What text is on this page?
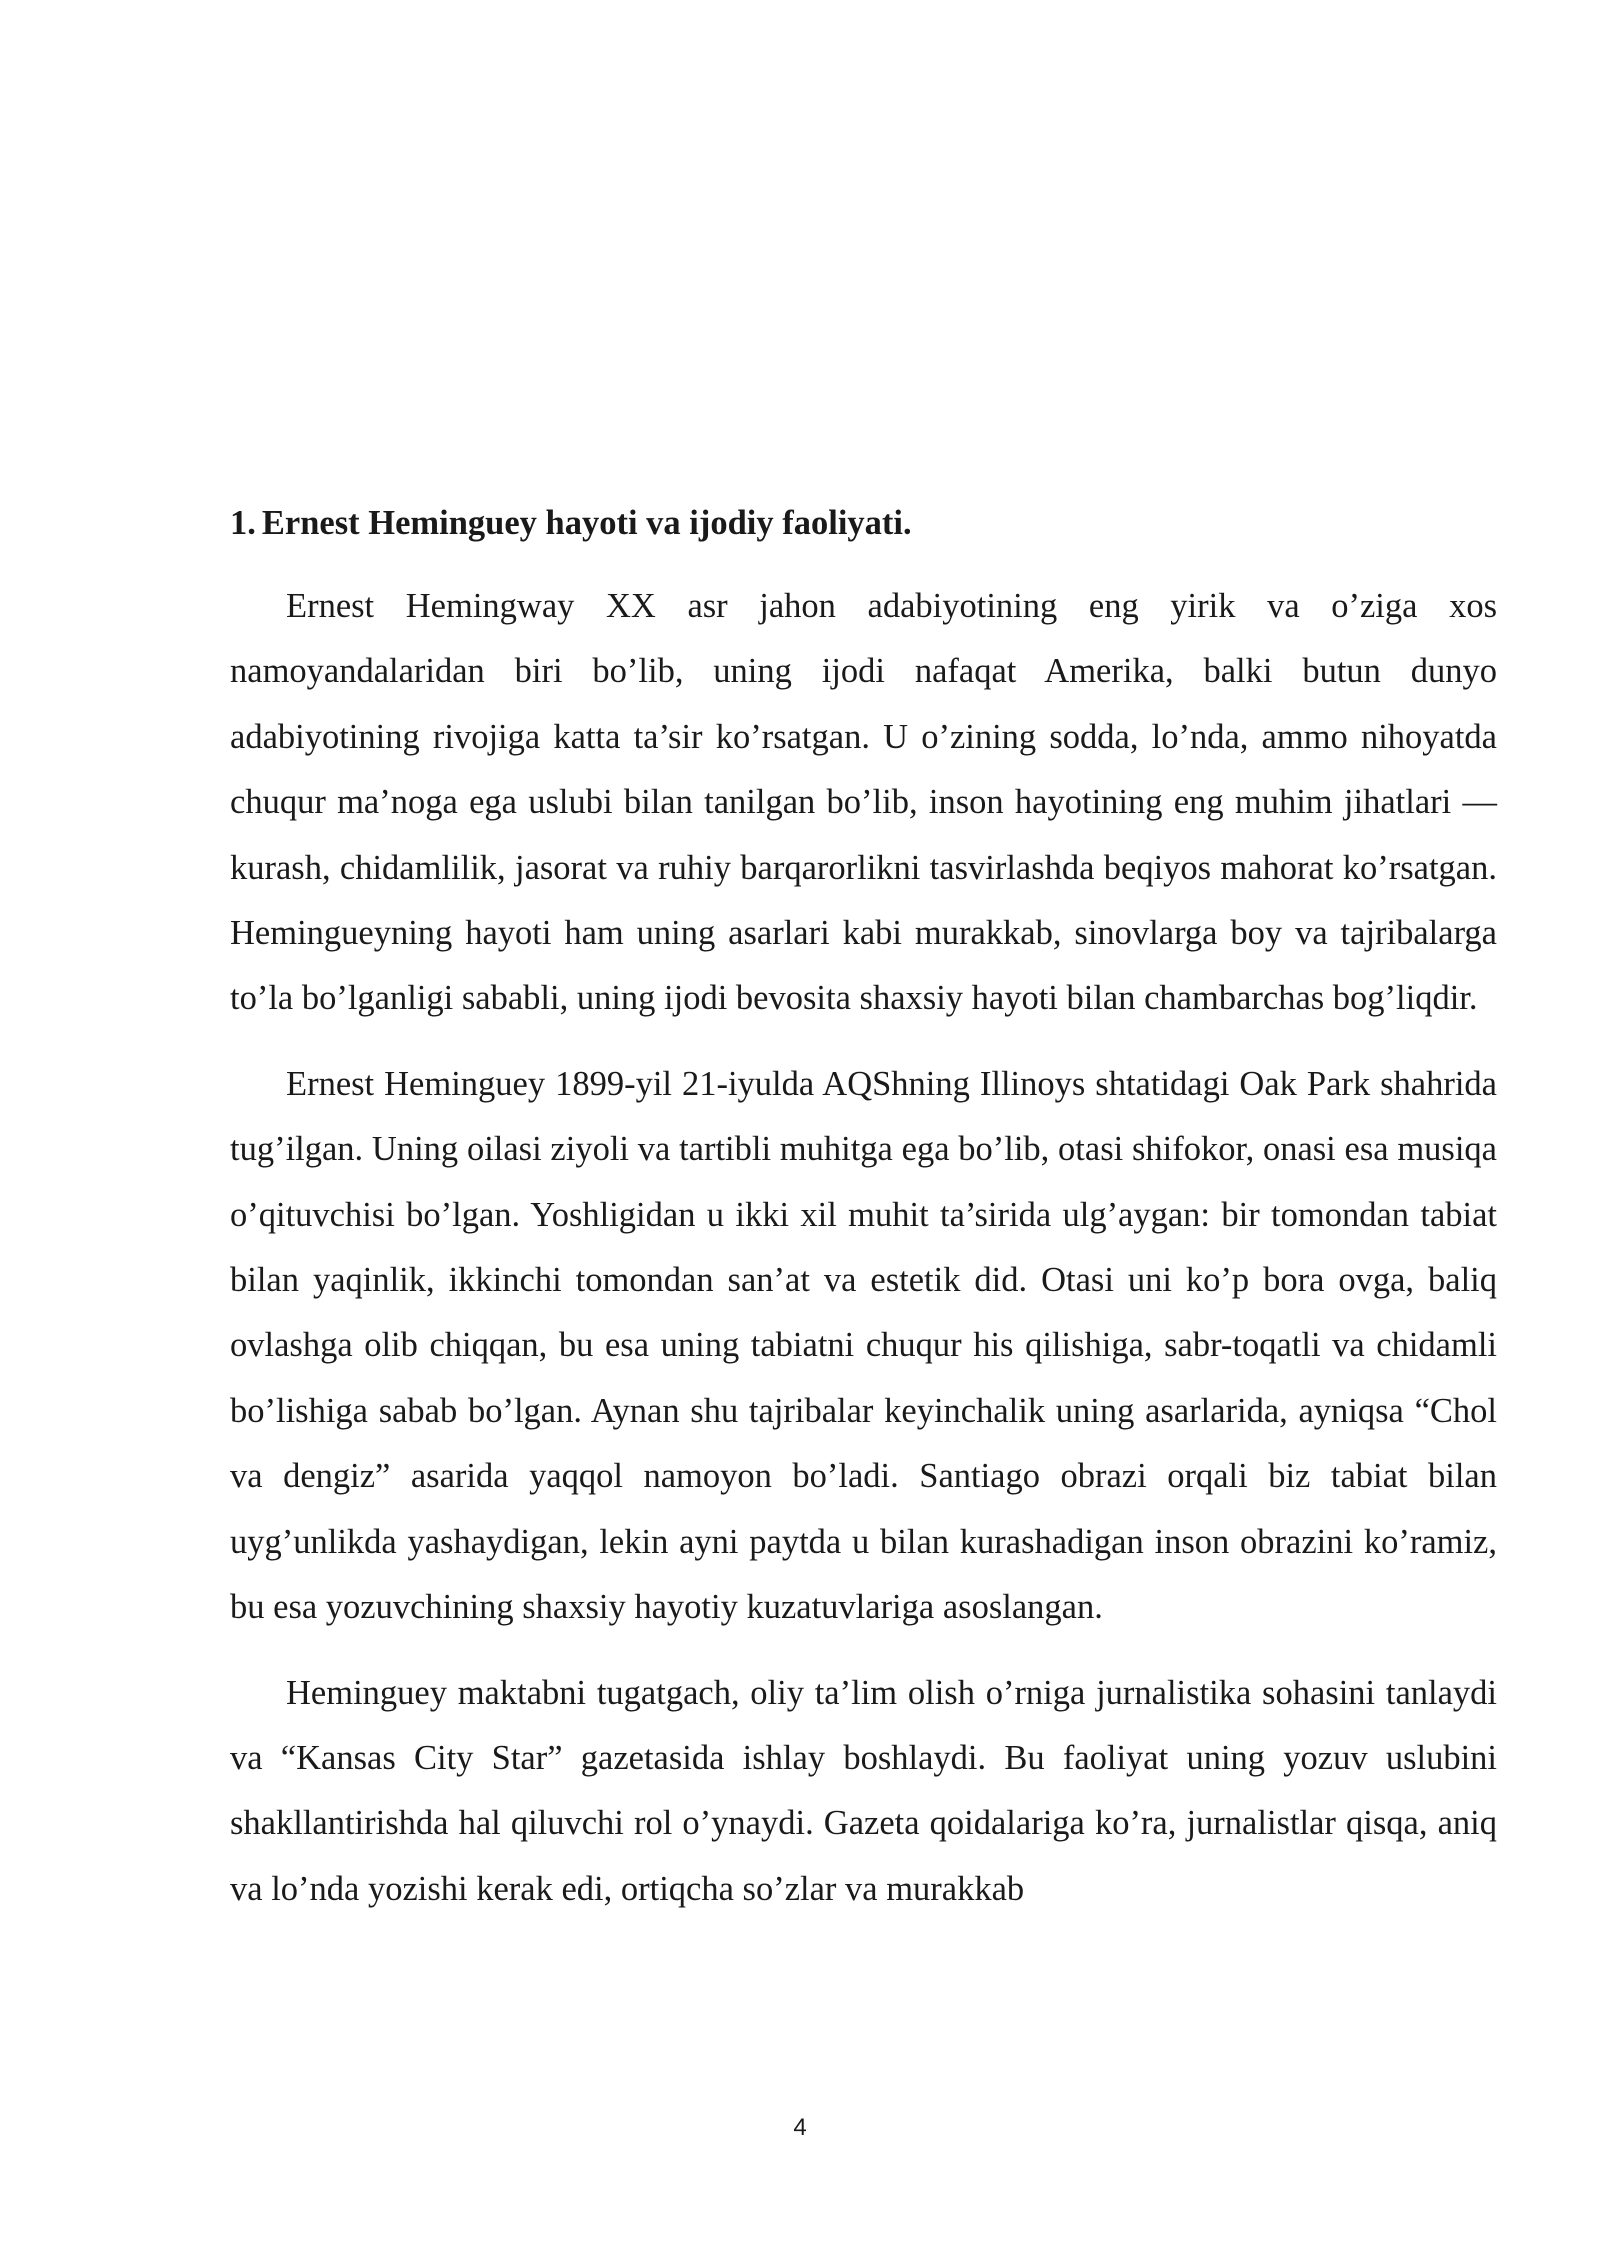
1. Ernest Heminguey hayoti va ijodiy faoliyati.

Ernest Hemingway XX asr jahon adabiyotining eng yirik va o’ziga xos namoyandalaridan biri bo’lib, uning ijodi nafaqat Amerika, balki butun dunyo adabiyotining rivojiga katta ta’sir ko’rsatgan. U o’zining sodda, lo’nda, ammo nihoyatda chuqur ma’noga ega uslubi bilan tanilgan bo’lib, inson hayotining eng muhim jihatlari — kurash, chidamlilik, jasorat va ruhiy barqarorlikni tasvirlashda beqiyos mahorat ko’rsatgan. Hemingueyning hayoti ham uning asarlari kabi murakkab, sinovlarga boy va tajribalarga to’la bo’lganligi sababli, uning ijodi bevosita shaxsiy hayoti bilan chambarchas bog’liqdir.

Ernest Heminguey 1899-yil 21-iyulda AQShning Illinoys shtatidagi Oak Park shahrida tug’ilgan. Uning oilasi ziyoli va tartibli muhitga ega bo’lib, otasi shifokor, onasi esa musiqa o’qituvchisi bo’lgan. Yoshligidan u ikki xil muhit ta’sirida ulg’aygan: bir tomondan tabiat bilan yaqinlik, ikkinchi tomondan san’at va estetik did. Otasi uni ko’p bora ovga, baliq ovlashga olib chiqqan, bu esa uning tabiatni chuqur his qilishiga, sabr-toqatli va chidamli bo’lishiga sabab bo’lgan. Aynan shu tajribalar keyinchalik uning asarlarida, ayniqsa “Chol va dengiz” asarida yaqqol namoyon bo’ladi. Santiago obrazi orqali biz tabiat bilan uyg’unlikda yashaydigan, lekin ayni paytda u bilan kurashadigan inson obrazini ko’ramiz, bu esa yozuvchining shaxsiy hayotiy kuzatuvlariga asoslangan.

Heminguey maktabni tugatgach, oliy ta’lim olish o’rniga jurnalistika sohasini tanlaydi va “Kansas City Star” gazetasida ishlay boshlaydi. Bu faoliyat uning yozuv uslubini shakllantirishda hal qiluvchi rol o’ynaydi. Gazeta qoidalariga ko’ra, jurnalistlar qisqa, aniq va lo’nda yozishi kerak edi, ortiqcha so’zlar va murakkab

4
